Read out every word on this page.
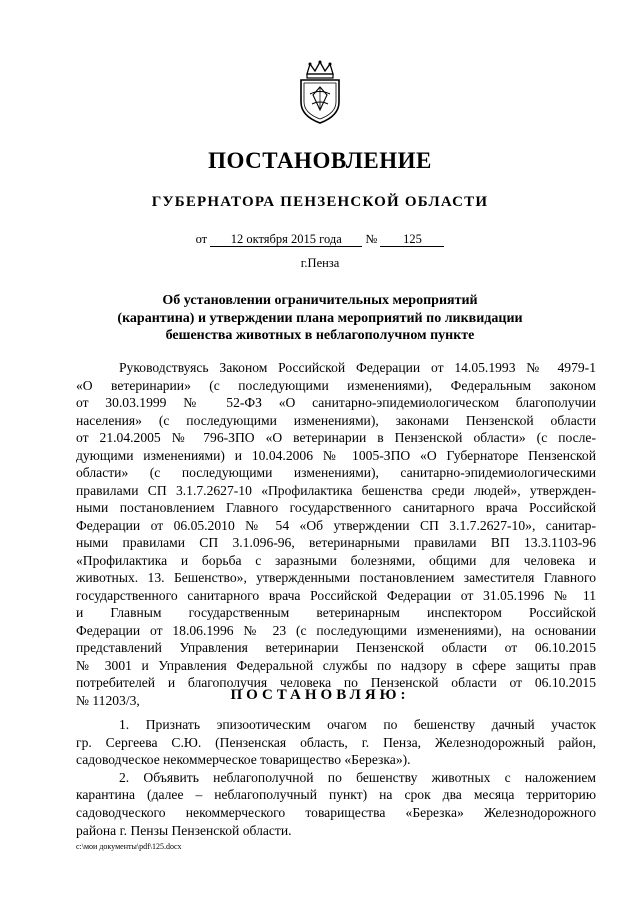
ПОСТАНОВЛЕНИЕ
ГУБЕРНАТОРА ПЕНЗЕНСКОЙ ОБЛАСТИ
от 12 октября 2015 года № 125
г.Пенза
Об установлении ограничительных мероприятий
(карантина) и утверждении плана мероприятий по ликвидации
бешенства животных в неблагополучном пункте
Руководствуясь Законом Российской Федерации от 14.05.1993 № 4979-1
«О ветеринарии» (с последующими изменениями), Федеральным законом
от 30.03.1999 № 52-ФЗ «О санитарно-эпидемиологическом благополучии
населения» (с последующими изменениями), законами Пензенской области
от 21.04.2005 № 796-ЗПО «О ветеринарии в Пензенской области» (с после-
дующими изменениями) и 10.04.2006 № 1005-ЗПО «О Губернаторе Пензенской
области» (с последующими изменениями), санитарно-эпидемиологическими
правилами СП 3.1.7.2627-10 «Профилактика бешенства среди людей», утвержден-
ными постановлением Главного государственного санитарного врача Российской
Федерации от 06.05.2010 № 54 «Об утверждении СП 3.1.7.2627-10», санитар-
ными правилами СП 3.1.096-96, ветеринарными правилами ВП 13.3.1103-96
«Профилактика и борьба с заразными болезнями, общими для человека и
животных. 13. Бешенство», утвержденными постановлением заместителя Главного
государственного санитарного врача Российской Федерации от 31.05.1996 № 11
и Главным государственным ветеринарным инспектором Российской
Федерации от 18.06.1996 № 23 (с последующими изменениями), на основании
представлений Управления ветеринарии Пензенской области от 06.10.2015
№ 3001 и Управления Федеральной службы по надзору в сфере защиты прав
потребителей и благополучия человека по Пензенской области от 06.10.2015
№ 11203/3,	ПОСТАНОВЛЯЮ:
1. Признать эпизоотическим очагом по бешенству дачный участок
гр. Сергеева С.Ю. (Пензенская область, г. Пенза, Железнодорожный район,
садоводческое некоммерческое товарищество «Березка»).
2. Объявить неблагополучной по бешенству животных с наложением
карантина (далее – неблагополучный пункт) на срок два месяца территорию
садоводческого некоммерческого товарищества «Березка» Железнодорожного
района г. Пензы Пензенской области.
c:\мои документы\pdf\125.docx
